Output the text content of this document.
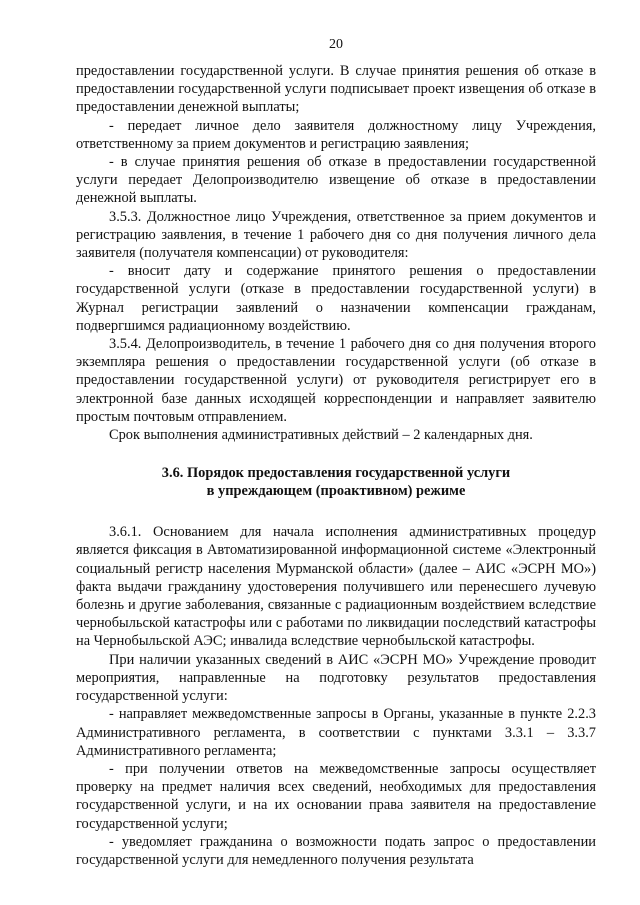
20

предоставлении государственной услуги. В случае принятия решения об отказе в предоставлении государственной услуги подписывает проект извещения об отказе в предоставлении денежной выплаты;

- передает личное дело заявителя должностному лицу Учреждения, ответственному за прием документов и регистрацию заявления;

- в случае принятия решения об отказе в предоставлении государственной услуги передает Делопроизводителю извещение об отказе в предоставлении денежной выплаты.

3.5.3. Должностное лицо Учреждения, ответственное за прием документов и регистрацию заявления, в течение 1 рабочего дня со дня получения личного дела заявителя (получателя компенсации) от руководителя:

- вносит дату и содержание принятого решения о предоставлении государственной услуги (отказе в предоставлении государственной услуги) в Журнал регистрации заявлений о назначении компенсации гражданам, подвергшимся радиационному воздействию.

3.5.4. Делопроизводитель, в течение 1 рабочего дня со дня получения второго экземпляра решения о предоставлении государственной услуги (об отказе в предоставлении государственной услуги) от руководителя регистрирует его в электронной базе данных исходящей корреспонденции и направляет заявителю простым почтовым отправлением.

Срок выполнения административных действий – 2 календарных дня.

3.6. Порядок предоставления государственной услуги
в упреждающем (проактивном) режиме

3.6.1. Основанием для начала исполнения административных процедур является фиксация в Автоматизированной информационной системе «Электронный социальный регистр населения Мурманской области» (далее – АИС «ЭСРН МО») факта выдачи гражданину удостоверения получившего или перенесшего лучевую болезнь и другие заболевания, связанные с радиационным воздействием вследствие чернобыльской катастрофы или с работами по ликвидации последствий катастрофы на Чернобыльской АЭС; инвалида вследствие чернобыльской катастрофы.

При наличии указанных сведений в АИС «ЭСРН МО» Учреждение проводит мероприятия, направленные на подготовку результатов предоставления государственной услуги:

- направляет межведомственные запросы в Органы, указанные в пункте 2.2.3 Административного регламента, в соответствии с пунктами 3.3.1 – 3.3.7 Административного регламента;

- при получении ответов на межведомственные запросы осуществляет проверку на предмет наличия всех сведений, необходимых для предоставления государственной услуги, и на их основании права заявителя на предоставление государственной услуги;

- уведомляет гражданина о возможности подать запрос о предоставлении государственной услуги для немедленного получения результата
